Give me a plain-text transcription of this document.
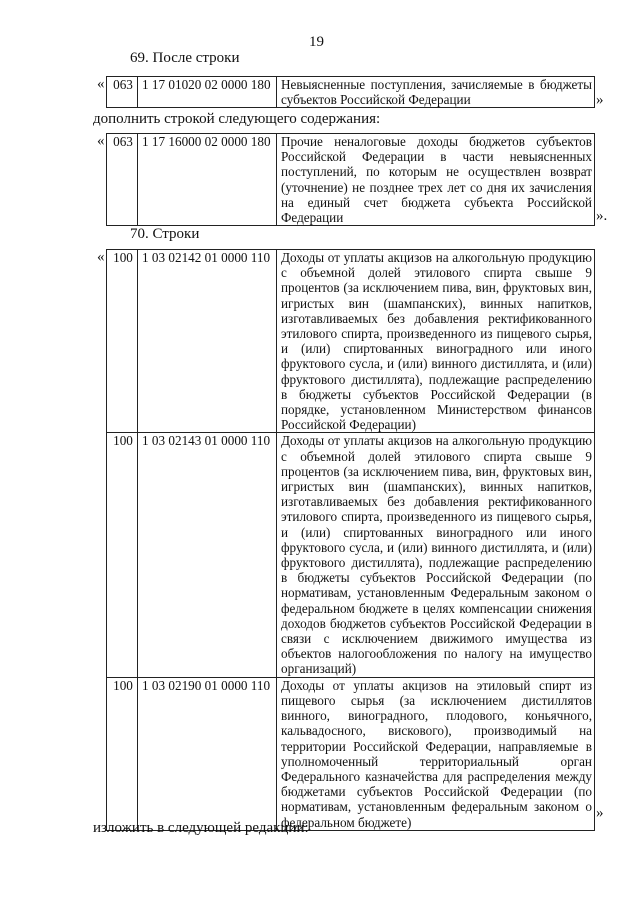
19
69. После строки
« 063	1 17 01020 02 0000 180	Невыясненные поступления, зачисляемые в бюджеты субъектов Российской Федерации	»
дополнить строкой следующего содержания:
« 063	1 17 16000 02 0000 180	Прочие неналоговые доходы бюджетов субъектов Российской Федерации в части невыясненных поступлений, по которым не осуществлен возврат (уточнение) не позднее трех лет со дня их зачисления на единый счет бюджета субъекта Российской Федерации	».
70. Строки
« 100	1 03 02142 01 0000 110	Доходы от уплаты акцизов на алкогольную продукцию с объемной долей этилового спирта свыше 9 процентов (за исключением пива, вин, фруктовых вин, игристых вин (шампанских), винных напитков, изготавливаемых без добавления ректификованного этилового спирта, произведенного из пищевого сырья, и (или) спиртованных виноградного или иного фруктового сусла, и (или) винного дистиллята, и (или) фруктового дистиллята), подлежащие распределению в бюджеты субъектов Российской Федерации (в порядке, установленном Министерством финансов Российской Федерации)
100	1 03 02143 01 0000 110	Доходы от уплаты акцизов на алкогольную продукцию с объемной долей этилового спирта свыше 9 процентов (за исключением пива, вин, фруктовых вин, игристых вин (шампанских), винных напитков, изготавливаемых без добавления ректификованного этилового спирта, произведенного из пищевого сырья, и (или) спиртованных виноградного или иного фруктового сусла, и (или) винного дистиллята, и (или) фруктового дистиллята), подлежащие распределению в бюджеты субъектов Российской Федерации (по нормативам, установленным Федеральным законом о федеральном бюджете в целях компенсации снижения доходов бюджетов субъектов Российской Федерации в связи с исключением движимого имущества из объектов налогообложения по налогу на имущество организаций)
100	1 03 02190 01 0000 110	Доходы от уплаты акцизов на этиловый спирт из пищевого сырья (за исключением дистиллятов винного, виноградного, плодового, коньячного, кальвадосного, вискового), производимый на территории Российской Федерации, направляемые в уполномоченный территориальный орган Федерального казначейства для распределения между бюджетами субъектов Российской Федерации (по нормативам, установленным федеральным законом о федеральном бюджете)
»
изложить в следующей редакции:
